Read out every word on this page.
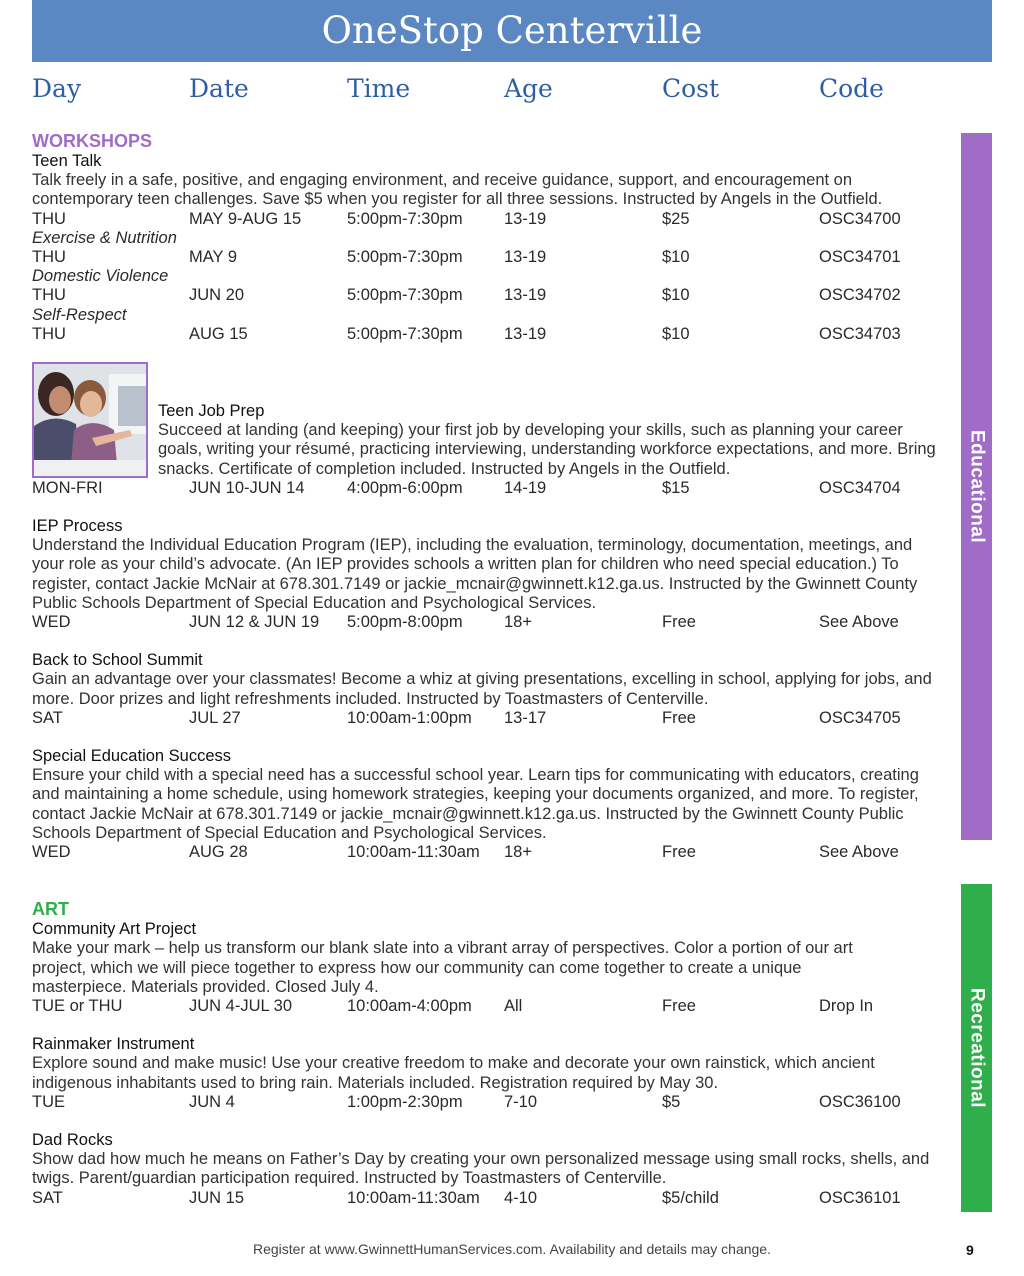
OneStop Centerville
Day	Date	Time	Age	Cost	Code
WORKSHOPS
Teen Talk
Talk freely in a safe, positive, and engaging environment, and receive guidance, support, and encouragement on contemporary teen challenges. Save $5 when you register for all three sessions. Instructed by Angels in the Outfield.
THU	MAY 9-AUG 15	5:00pm-7:30pm	13-19	$25	OSC34700
Exercise & Nutrition
THU	MAY 9	5:00pm-7:30pm	13-19	$10	OSC34701
Domestic Violence
THU	JUN 20	5:00pm-7:30pm	13-19	$10	OSC34702
Self-Respect
THU	AUG 15	5:00pm-7:30pm	13-19	$10	OSC34703
Teen Job Prep
Succeed at landing (and keeping) your first job by developing your skills, such as planning your career goals, writing your résumé, practicing interviewing, understanding workforce expectations, and more. Bring snacks. Certificate of completion included. Instructed by Angels in the Outfield.
MON-FRI	JUN 10-JUN 14	4:00pm-6:00pm	14-19	$15	OSC34704
IEP Process
Understand the Individual Education Program (IEP), including the evaluation, terminology, documentation, meetings, and your role as your child’s advocate. (An IEP provides schools a written plan for children who need special education.) To register, contact Jackie McNair at 678.301.7149 or jackie_mcnair@gwinnett.k12.ga.us. Instructed by the Gwinnett County Public Schools Department of Special Education and Psychological Services.
WED	JUN 12 & JUN 19 5:00pm-8:00pm	18+	Free	See Above
Back to School Summit
Gain an advantage over your classmates! Become a whiz at giving presentations, excelling in school, applying for jobs, and more. Door prizes and light refreshments included. Instructed by Toastmasters of Centerville.
SAT	JUL 27	10:00am-1:00pm 13-17	Free	OSC34705
Special Education Success
Ensure your child with a special need has a successful school year. Learn tips for communicating with educators, creating and maintaining a home schedule, using homework strategies, keeping your documents organized, and more. To register, contact Jackie McNair at 678.301.7149 or jackie_mcnair@gwinnett.k12.ga.us. Instructed by the Gwinnett County Public Schools Department of Special Education and Psychological Services.
WED	AUG 28	10:00am-11:30am 18+	Free	See Above
ART
Community Art Project
Make your mark – help us transform our blank slate into a vibrant array of perspectives. Color a portion of our art project, which we will piece together to express how our community can come together to create a unique masterpiece. Materials provided. Closed July 4.
TUE or THU	JUN 4-JUL 30	10:00am-4:00pm All	Free	Drop In
Rainmaker Instrument
Explore sound and make music! Use your creative freedom to make and decorate your own rainstick, which ancient indigenous inhabitants used to bring rain. Materials included. Registration required by May 30.
TUE	JUN 4	1:00pm-2:30pm	7-10	$5	OSC36100
Dad Rocks
Show dad how much he means on Father’s Day by creating your own personalized message using small rocks, shells, and twigs. Parent/guardian participation required. Instructed by Toastmasters of Centerville.
SAT	JUN 15	10:00am-11:30am 4-10	$5/child	OSC36101
Educational
Recreational
Register at www.GwinnettHumanServices.com. Availability and details may change.	9
